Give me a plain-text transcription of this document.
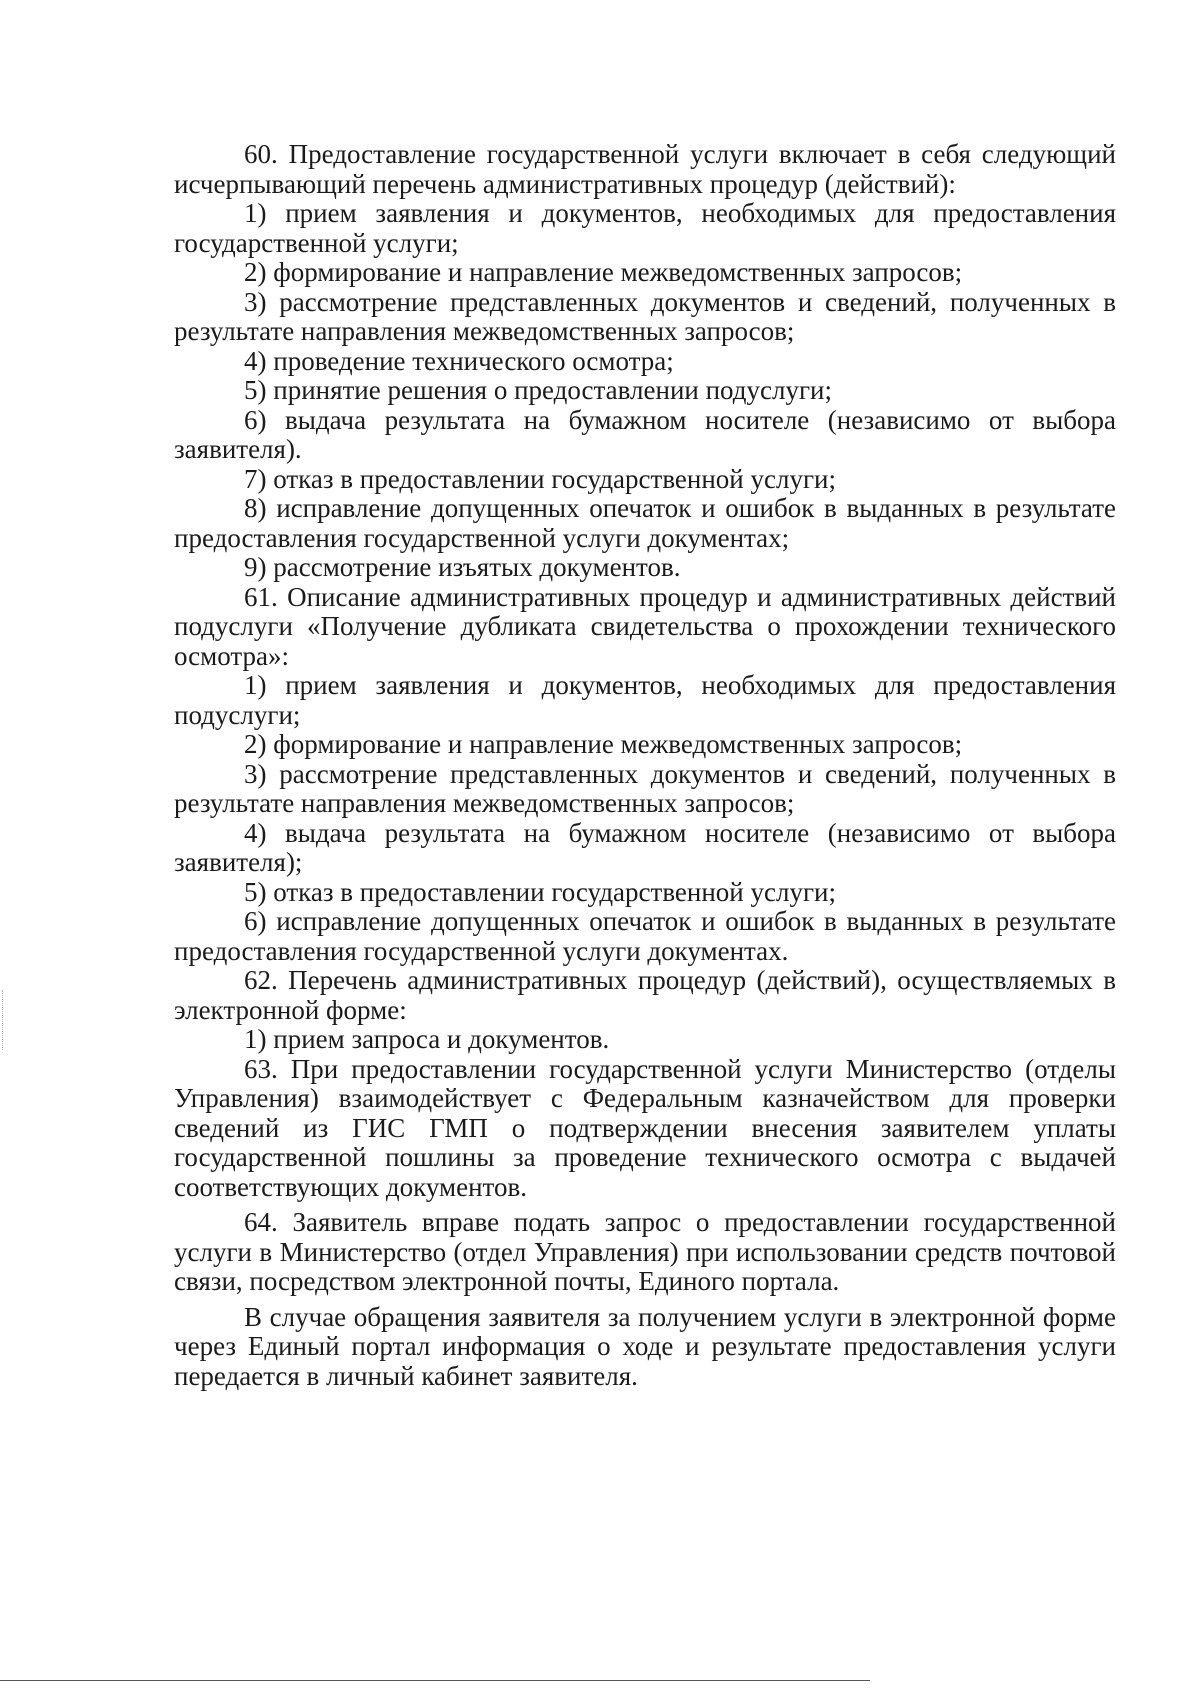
60. Предоставление государственной услуги включает в себя следующий исчерпывающий перечень административных процедур (действий):

1) прием заявления и документов, необходимых для предоставления государственной услуги;

2) формирование и направление межведомственных запросов;

3) рассмотрение представленных документов и сведений, полученных в результате направления межведомственных запросов;

4) проведение технического осмотра;

5) принятие решения о предоставлении подуслуги;

6) выдача результата на бумажном носителе (независимо от выбора заявителя).

7) отказ в предоставлении государственной услуги;

8) исправление допущенных опечаток и ошибок в выданных в результате предоставления государственной услуги документах;

9) рассмотрение изъятых документов.

61. Описание административных процедур и административных действий подуслуги «Получение дубликата свидетельства о прохождении технического осмотра»:

1) прием заявления и документов, необходимых для предоставления подуслуги;

2) формирование и направление межведомственных запросов;

3) рассмотрение представленных документов и сведений, полученных в результате направления межведомственных запросов;

4) выдача результата на бумажном носителе (независимо от выбора заявителя);

5) отказ в предоставлении государственной услуги;

6) исправление допущенных опечаток и ошибок в выданных в результате предоставления государственной услуги документах.

62. Перечень административных процедур (действий), осуществляемых в электронной форме:

1) прием запроса и документов.

63. При предоставлении государственной услуги Министерство (отделы Управления) взаимодействует с Федеральным казначейством для проверки сведений из ГИС ГМП о подтверждении внесения заявителем уплаты государственной пошлины за проведение технического осмотра с выдачей соответствующих документов.

64. Заявитель вправе подать запрос о предоставлении государственной услуги в Министерство (отдел Управления) при использовании средств почтовой связи, посредством электронной почты, Единого портала.

В случае обращения заявителя за получением услуги в электронной форме через Единый портал информация о ходе и результате предоставления услуги передается в личный кабинет заявителя.
